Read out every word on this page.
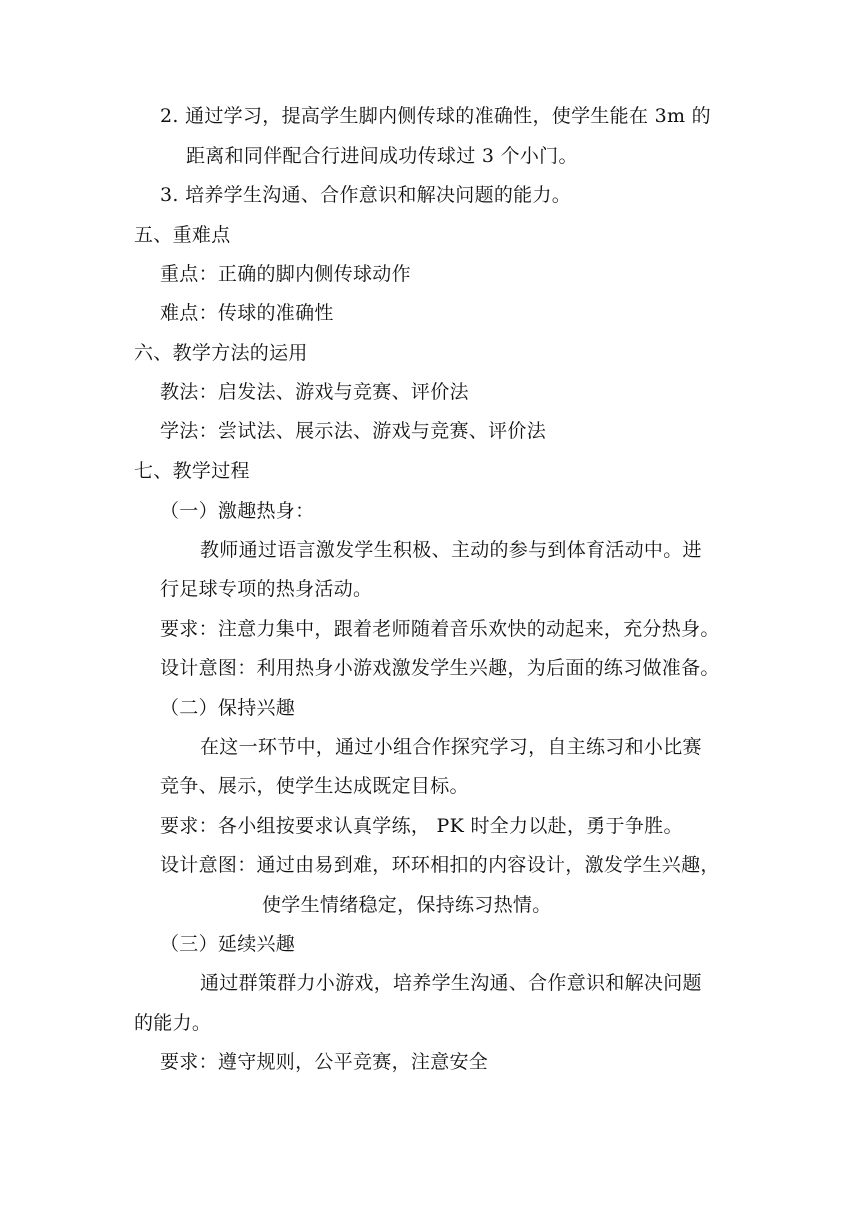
2. 通过学习，提高学生脚内侧传球的准确性，使学生能在 3m 的
距离和同伴配合行进间成功传球过 3 个小门。
3. 培养学生沟通、合作意识和解决问题的能力。
五、重难点
重点：正确的脚内侧传球动作
难点：传球的准确性
六、教学方法的运用
教法：启发法、游戏与竞赛、评价法
学法：尝试法、展示法、游戏与竞赛、评价法
七、教学过程
（一）激趣热身：
教师通过语言激发学生积极、主动的参与到体育活动中。进
行足球专项的热身活动。
要求：注意力集中，跟着老师随着音乐欢快的动起来，充分热身。
设计意图：利用热身小游戏激发学生兴趣，为后面的练习做准备。
（二）保持兴趣
在这一环节中，通过小组合作探究学习，自主练习和小比赛
竞争、展示，使学生达成既定目标。
要求：各小组按要求认真学练， PK 时全力以赴，勇于争胜。
设计意图：通过由易到难，环环相扣的内容设计，激发学生兴趣，
使学生情绪稳定，保持练习热情。
（三）延续兴趣
通过群策群力小游戏，培养学生沟通、合作意识和解决问题
的能力。
要求：遵守规则，公平竞赛，注意安全
